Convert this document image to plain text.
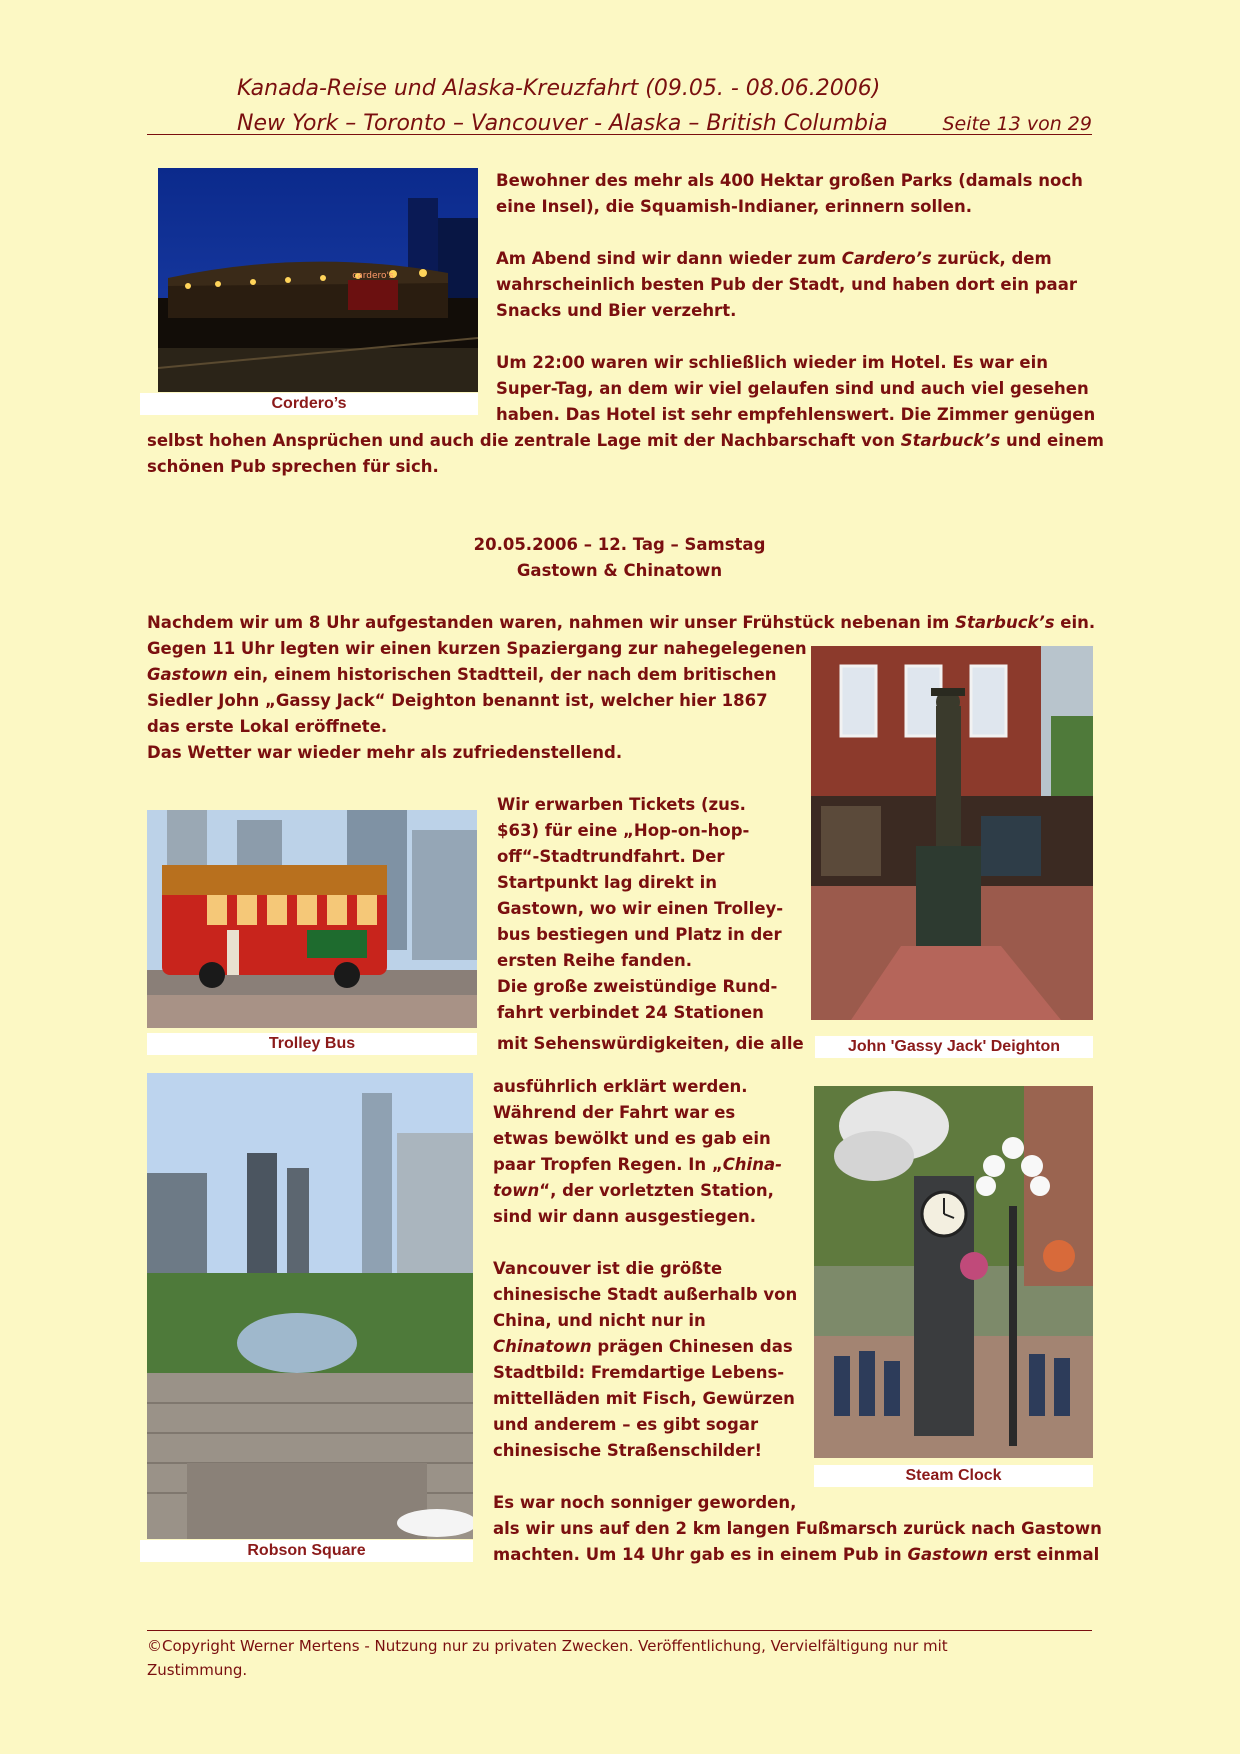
Kanada-Reise und Alaska-Kreuzfahrt (09.05. - 08.06.2006)
New York – Toronto – Vancouver - Alaska – British Columbia	Seite 13 von 29
cardero's
Cordero’s
Bewohner des mehr als 400 Hektar großen Parks (damals noch
eine Insel), die Squamish-Indianer, erinnern sollen.
Am Abend sind wir dann wieder zum Cardero’s zurück, dem
wahrscheinlich besten Pub der Stadt, und haben dort ein paar
Snacks und Bier verzehrt.
Um 22:00 waren wir schließlich wieder im Hotel. Es war ein
Super-Tag, an dem wir viel gelaufen sind und auch viel gesehen
haben. Das Hotel ist sehr empfehlenswert. Die Zimmer genügen
selbst hohen Ansprüchen und auch die zentrale Lage mit der Nachbarschaft von Starbuck’s und einem
schönen Pub sprechen für sich.
20.05.2006 – 12. Tag – Samstag
Gastown & Chinatown
Nachdem wir um 8 Uhr aufgestanden waren, nahmen wir unser Frühstück nebenan im Starbuck’s ein.
Gegen 11 Uhr legten wir einen kurzen Spaziergang zur nahegelegenen
Gastown ein, einem historischen Stadtteil, der nach dem britischen
Siedler John „Gassy Jack“ Deighton benannt ist, welcher hier 1867
das erste Lokal eröffnete.
Das Wetter war wieder mehr als zufriedenstellend.
John 'Gassy Jack' Deighton
Trolley Bus
Wir erwarben Tickets (zus.
$63) für eine „Hop-on-hop-
off“-Stadtrundfahrt. Der
Startpunkt lag direkt in
Gastown, wo wir einen Trolley-
bus bestiegen und Platz in der
ersten Reihe fanden.
Die große zweistündige Rund-
fahrt verbindet 24 Stationen
mit Sehenswürdigkeiten, die alle
Robson Square
ausführlich erklärt werden.
Während der Fahrt war es
etwas bewölkt und es gab ein
paar Tropfen Regen. In „China-
town“, der vorletzten Station,
sind wir dann ausgestiegen.
Vancouver ist die größte
chinesische Stadt außerhalb von
China, und nicht nur in
Chinatown prägen Chinesen das
Stadtbild: Fremdartige Lebens-
mittelläden mit Fisch, Gewürzen
und anderem – es gibt sogar
chinesische Straßenschilder!
Steam Clock
Es war noch sonniger geworden,
als wir uns auf den 2 km langen Fußmarsch zurück nach Gastown
machten. Um 14 Uhr gab es in einem Pub in Gastown erst einmal
©Copyright Werner Mertens - Nutzung nur zu privaten Zwecken. Veröffentlichung, Vervielfältigung nur mit
Zustimmung.
